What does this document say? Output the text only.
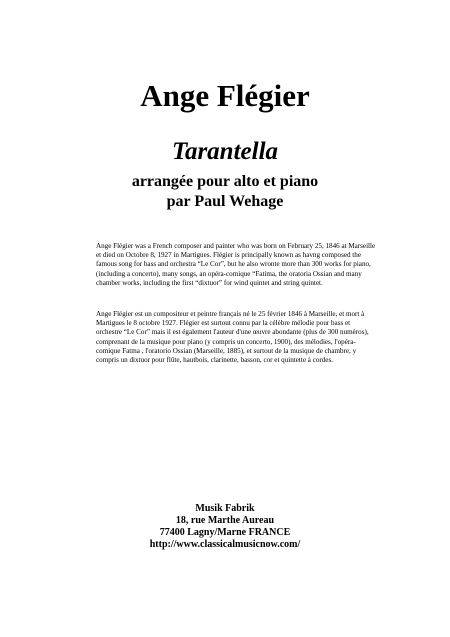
Ange Flégier
Tarantella
arrangée pour alto et piano
par Paul Wehage

Ange Flégier was a French composer and painter who was born on February 25, 1846 at Marseille et died on Octobre 8, 1927 in Martigues. Flégier is principally known as havng composed the famous song for bass and orchestra “Le Cor”, but he also wronte more than 300 works for piano, (including a concerto), many songs, an opéra-comique “Fatima, the oratoria Ossian and many chamber works, including the first “dixtuor” for wind quintet and string quintet.

Ange Flégier est un compositeur et peintre français né le 25 février 1846 à Marseille, et mort à Martigues le 8 octobre 1927. Flégier est surtout connu par la célèbre mélodie pour bass et orchestre “Le Cor” mais il est également l'auteur d'une œuvre abondante (plus de 300 numéros), comprenant de la musique pour piano (y compris un concerto, 1900), des mélodies, l'opéra-comique Fatma , l'oratorio Ossian (Marseille, 1885), et surtout de la musique de chambre, y compris un dixtuor pour flûte, hautbois, clarinette, basson, cor et quintette à cordes.

Musik Fabrik
18, rue Marthe Aureau
77400 Lagny/Marne FRANCE
http://www.classicalmusicnow.com/
